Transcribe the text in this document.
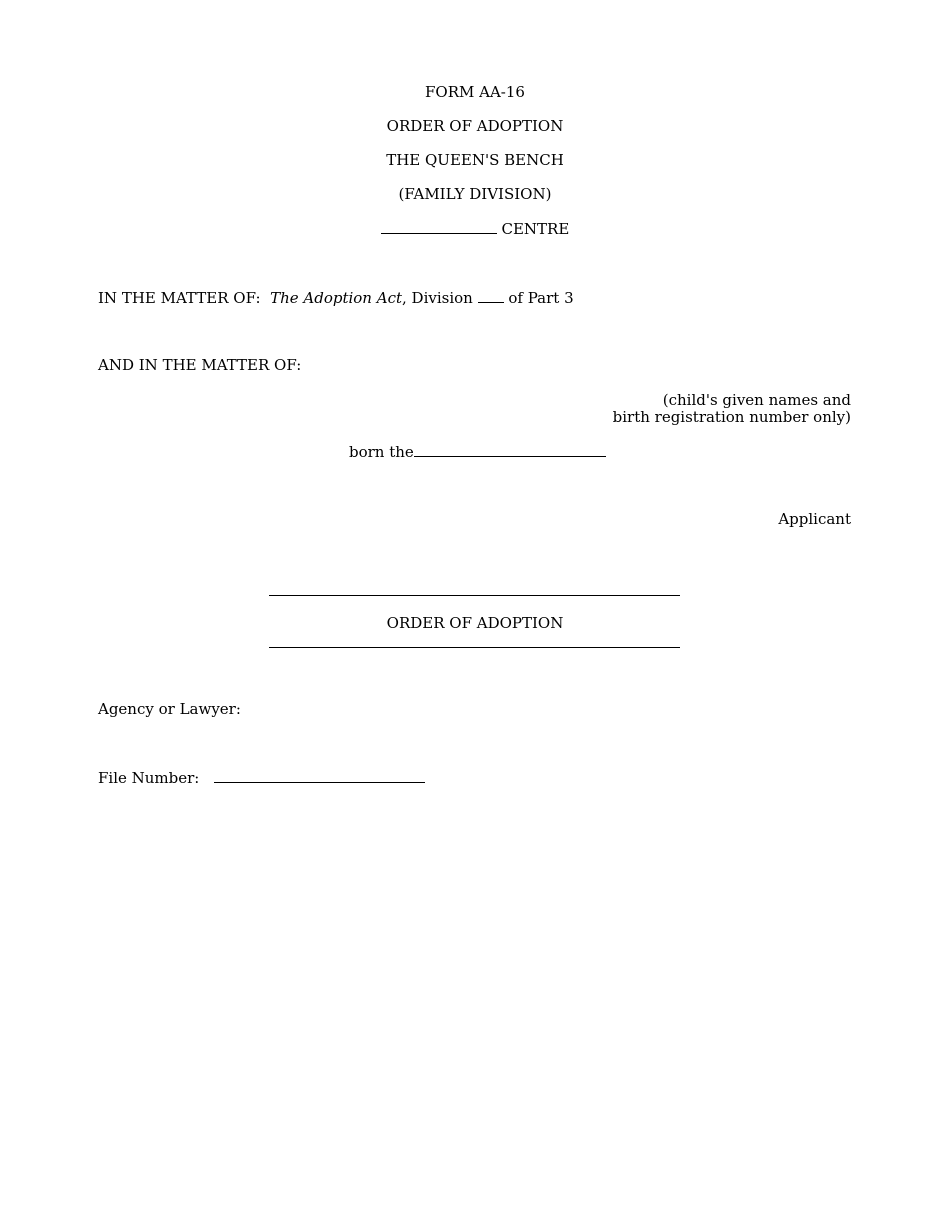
FORM AA-16
ORDER OF ADOPTION
THE QUEEN'S BENCH
(FAMILY DIVISION)
CENTRE
IN THE MATTER OF: The Adoption Act, Division of Part 3
AND IN THE MATTER OF:
(child's given names and
birth registration number only)
born the
Applicant
ORDER OF ADOPTION
Agency or Lawyer:
File Number:
